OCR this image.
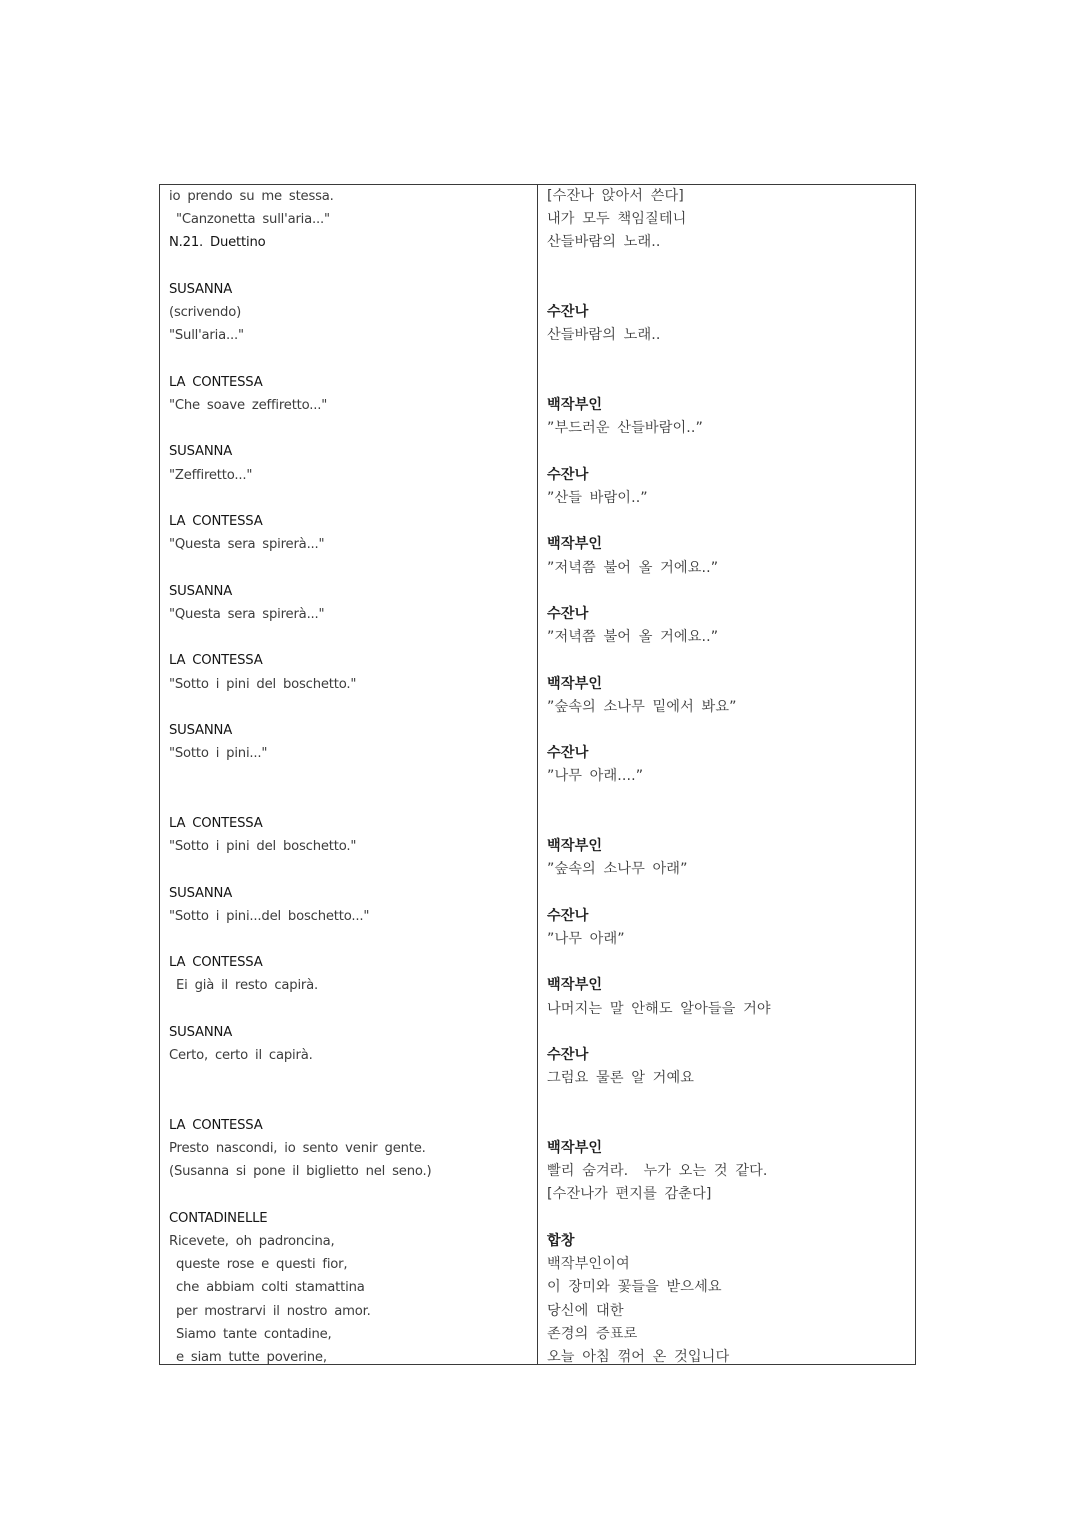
io prendo su me stessa.
"Canzonetta sull'aria..."
N.21. Duettino
SUSANNA
(scrivendo)
"Sull'aria..."
LA CONTESSA
"Che soave zeffiretto..."
SUSANNA
"Zeffiretto..."
LA CONTESSA
"Questa sera spirerà..."
SUSANNA
"Questa sera spirerà..."
LA CONTESSA
"Sotto i pini del boschetto."
SUSANNA
"Sotto i pini..."
LA CONTESSA
"Sotto i pini del boschetto."
SUSANNA
"Sotto i pini...del boschetto..."
LA CONTESSA
Ei già il resto capirà.
SUSANNA
Certo, certo il capirà.
LA CONTESSA
Presto nascondi, io sento venir gente.
(Susanna si pone il biglietto nel seno.)
CONTADINELLE
Ricevete, oh padroncina,
queste rose e questi fior,
che abbiam colti stamattina
per mostrarvi il nostro amor.
Siamo tante contadine,
e siam tutte poverine,
[수잔나 앉아서 쓴다]
내가 모두 책임질테니
산들바람의 노래..
수잔나
산들바람의 노래..
백작부인
”부드러운 산들바람이..”
수잔나
”산들 바람이..”
백작부인
”저녁쯤 불어 올 거에요..”
수잔나
”저녁쯤 불어 올 거에요..”
백작부인
”숲속의 소나무 밑에서 봐요”
수잔나
”나무 아래....”
백작부인
”숲속의 소나무 아래”
수잔나
”나무 아래”
백작부인
나머지는 말 안해도 알아들을 거야
수잔나
그럼요 물론 알 거예요
백작부인
빨리 숨겨라.  누가 오는 것 같다.
[수잔나가 편지를 감춘다]
합창
백작부인이여
이 장미와 꽃들을 받으세요
당신에 대한
존경의 증표로
오늘 아침 꺾어 온 것입니다
